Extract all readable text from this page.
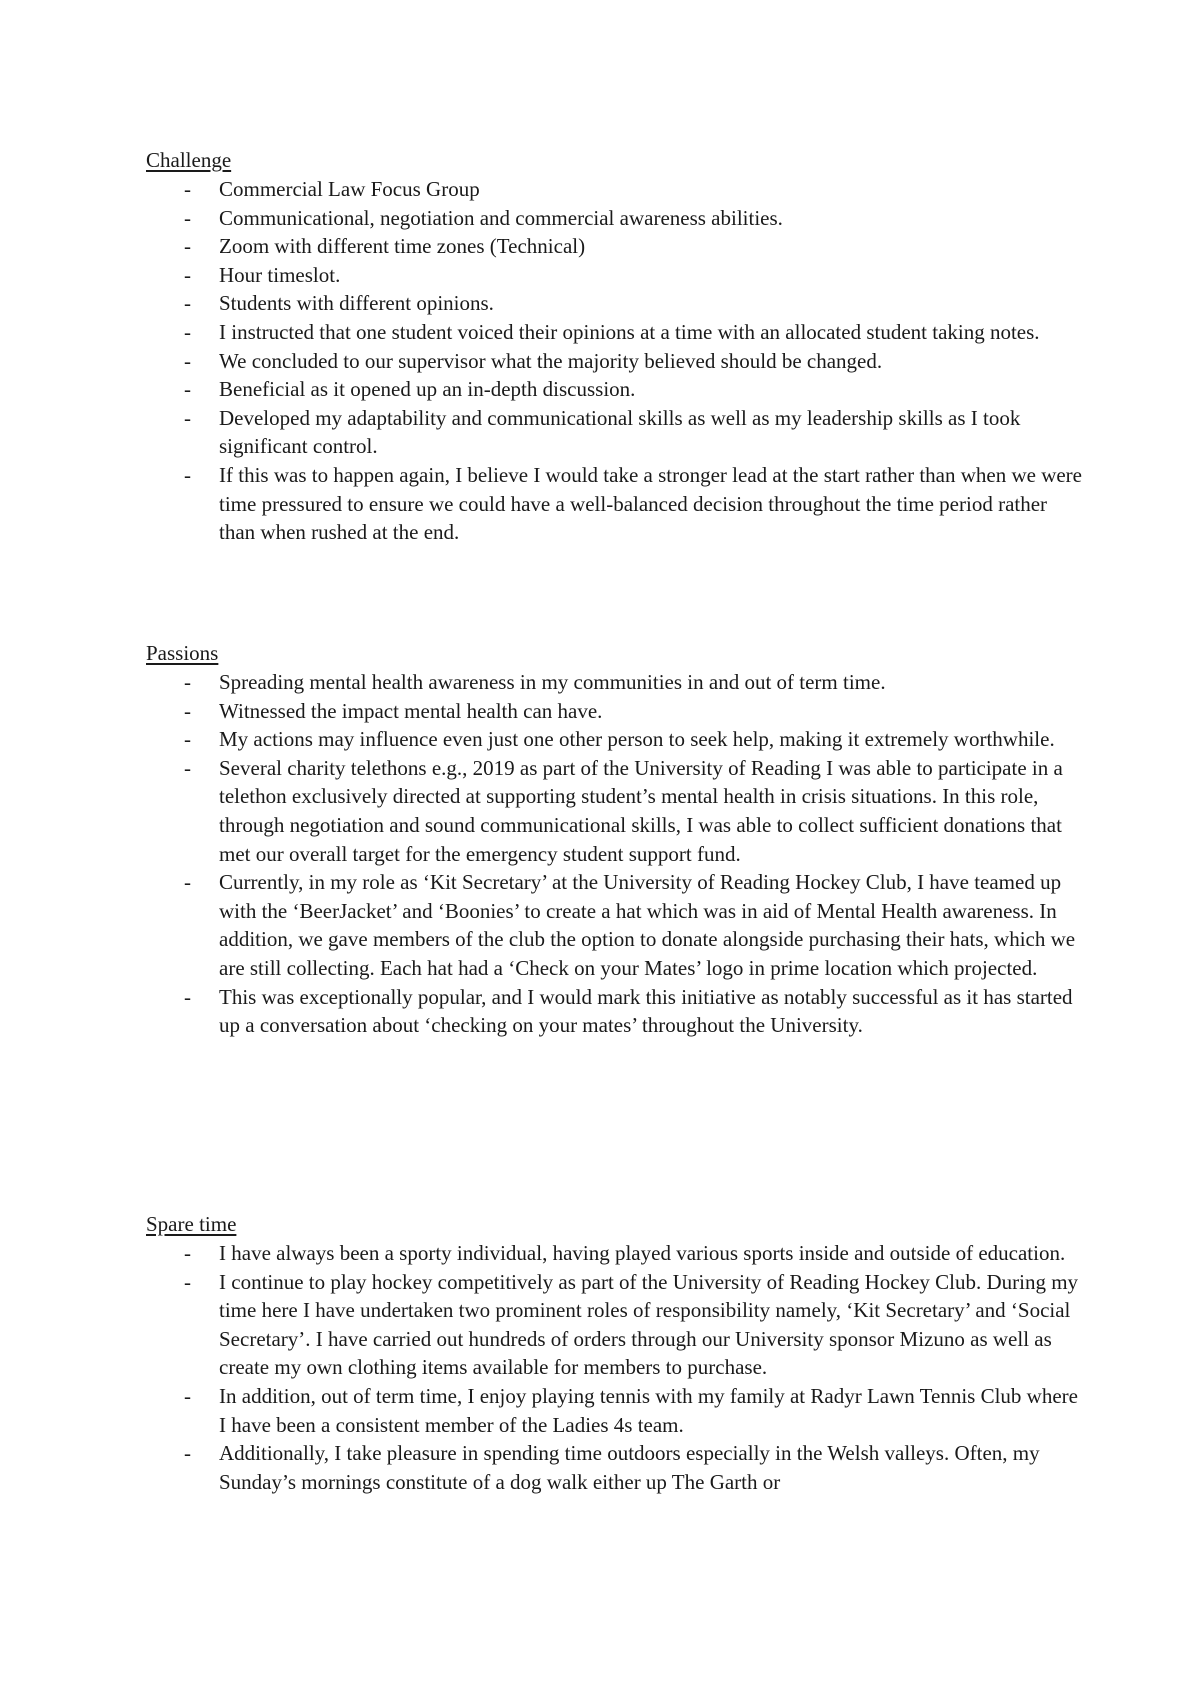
Challenge
- Commercial Law Focus Group
- Communicational, negotiation and commercial awareness abilities.
- Zoom with different time zones (Technical)
- Hour timeslot.
- Students with different opinions.
- I instructed that one student voiced their opinions at a time with an allocated student taking notes.
- We concluded to our supervisor what the majority believed should be changed.
- Beneficial as it opened up an in-depth discussion.
- Developed my adaptability and communicational skills as well as my leadership skills as I took significant control.
- If this was to happen again, I believe I would take a stronger lead at the start rather than when we were time pressured to ensure we could have a well-balanced decision throughout the time period rather than when rushed at the end.
Passions
- Spreading mental health awareness in my communities in and out of term time.
- Witnessed the impact mental health can have.
- My actions may influence even just one other person to seek help, making it extremely worthwhile.
- Several charity telethons e.g., 2019 as part of the University of Reading I was able to participate in a telethon exclusively directed at supporting student’s mental health in crisis situations. In this role, through negotiation and sound communicational skills, I was able to collect sufficient donations that met our overall target for the emergency student support fund.
- Currently, in my role as ‘Kit Secretary’ at the University of Reading Hockey Club, I have teamed up with the ‘BeerJacket’ and ‘Boonies’ to create a hat which was in aid of Mental Health awareness. In addition, we gave members of the club the option to donate alongside purchasing their hats, which we are still collecting. Each hat had a ‘Check on your Mates’ logo in prime location which projected.
- This was exceptionally popular, and I would mark this initiative as notably successful as it has started up a conversation about ‘checking on your mates’ throughout the University.
Spare time
- I have always been a sporty individual, having played various sports inside and outside of education.
- I continue to play hockey competitively as part of the University of Reading Hockey Club. During my time here I have undertaken two prominent roles of responsibility namely, ‘Kit Secretary’ and ‘Social Secretary’. I have carried out hundreds of orders through our University sponsor Mizuno as well as create my own clothing items available for members to purchase.
- In addition, out of term time, I enjoy playing tennis with my family at Radyr Lawn Tennis Club where I have been a consistent member of the Ladies 4s team.
- Additionally, I take pleasure in spending time outdoors especially in the Welsh valleys. Often, my Sunday’s mornings constitute of a dog walk either up The Garth or
